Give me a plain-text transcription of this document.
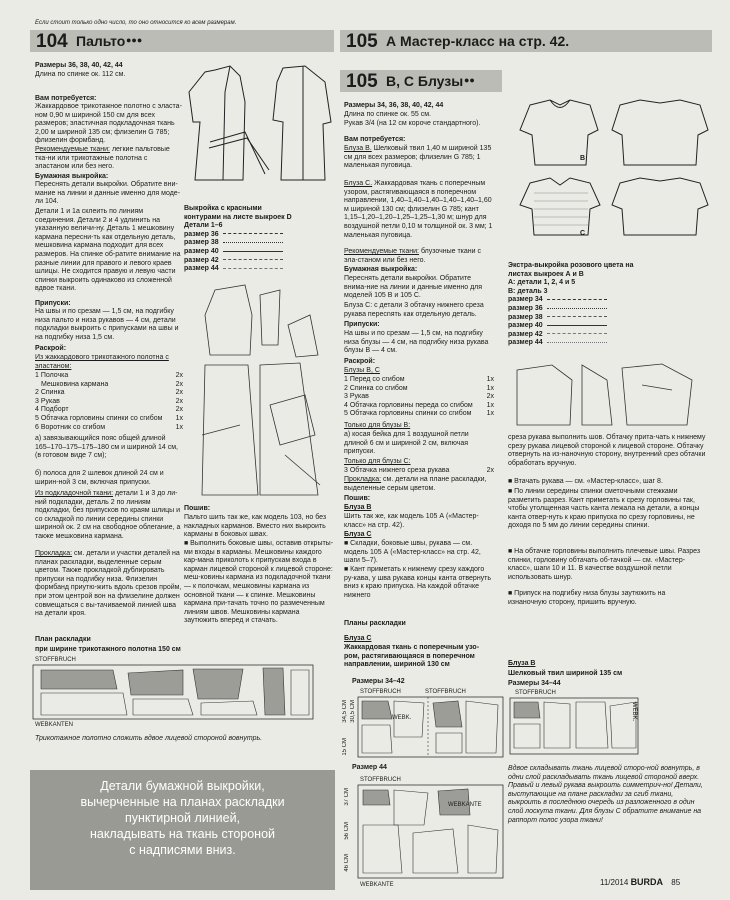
Если стоит только одно число, то оно относится ко всем размерам.
104 Пальто ●●●
Размеры 36, 38, 40, 42, 44
Длина по спинке ок. 112 см.
Вам потребуется:
Жаккардовое трикотажное полотно с эласта-ном 0,90 м шириной 150 см для всех размеров; эластичная подкладочная ткань 2,00 м шириной 135 см; флизелин G 785; флизелин формбанд.
Рекомендуемые ткани: легкие пальтовые тка-ни или трикотажные полотна с эластаном или без него.
Бумажная выкройка:
Переснять детали выкройки. Обратите вни-мание на линии и данные именно для моде-ли 104.
Детали 1 и 1а склеить по линиям соединения. Детали 2 и 4 удлинить на указанную величи-ну. Деталь 1 мешковину кармана пересни-ть как отдельную деталь, мешковина кармана подходит для всех размеров. На спинке об-ратите внимание на разные линии для правого и левого краев шлицы. Не сходится правую и левую части спинки выкроить одинаково из сложенной вдвое ткани.
Припуски:
На швы и по срезам — 1,5 см, на подгибку низа пальто и низа рукавов — 4 см, детали подкладки выкроить с припусками на швы и на подгибку низа 1,5 см.
Раскрой:
Из жаккардового трикотажного полотна с эластаном:
1 Полочка	2x
Мешковина кармана	2x
2 Спинка	2x
3 Рукав	2x
4 Подборт	2x
5 Обтачка горловины спинки со сгибом 1x
6 Воротник со сгибом	1x
а) завязывающийся пояс общей длиной 165–170–175–175–180 см и шириной 14 см, (в готовом виде 7 см);
б) полоса для 2 шлевок длиной 24 см и ширин-ной 3 см, включая припуски.
Из подкладочной ткани: детали 1 и 3 до ли-ний подкладки, деталь 2 по линиям подкладки, без припусков по краям шлицы и со складкой по линии середины спинки шириной ок. 2 см на свободное облегание, а также мешковина кармана.
Прокладка: см. детали и участки деталей на планах раскладки, выделенные серым цветом. Также прокладкой дублировать припуски на подгибку низа. Флизелин формбанд приутю-жить вдоль срезов пройм, при этом центрой вон на флизелине должен совмещаться с вы-тачиваемой линией шва на детали кроя.
Выкройка с красными контурами на листе выкроек D
Детали 1–6
размер 36
размер 38
размер 40
размер 42
размер 44
План раскладки
при ширине трикотажного полотна 150 см
STOFFBRUCH
WEBKANTEN
Трикотажное полотно сложить вдвое лицевой стороной вовнутрь.
Детали бумажной выкройки,
вычерченные на планах раскладки
пунктирной линией,
накладывать на ткань стороной
с надписями вниз.
Пошив:
Пальто шить так же, как модель 103, но без накладных карманов. Вместо них выкроить карманы в боковых швах.
■ Выполнить боковые швы, оставив открыты-ми входы в карманы. Мешковины каждого кар-мана приколоть к припускам входа в карман лицевой стороной к лицевой стороне: меш-ковины кармана из подкладочной ткани — к полочкам, мешковины кармана из основной ткани — к спинке. Мешковины кармана при-тачать точно по размеченным линиям швов. Мешковины кармана заутюжить вперед и стачать.
105 А Мастер-класс на стр. 42.
105 В, С Блузы ●●
В
С
Размеры 34, 36, 38, 40, 42, 44
Длина по спинке ок. 55 см.
Рукав 3/4 (на 12 см короче стандартного).
Вам потребуется:
Блуза В. Шелковый твил 1,40 м шириной 135 см для всех размеров; флизелин G 785; 1 маленькая пуговица.
Блуза С. Жаккардовая ткань с поперечным узором, растягивающаяся в поперечном направлении, 1,40–1,40–1,40–1,40–1,40–1,60 м шириной 130 см; флизелин G 785; кант 1,15–1,20–1,20–1,25–1,25–1,30 м; шнур для воздушной петли 0,10 м толщиной ок. 3 мм; 1 маленькая пуговица.
Рекомендуемые ткани: блузочные ткани с эла-станом или без него.
Бумажная выкройка:
Переснять детали выкройки. Обратите внима-ние на линии и данные именно для моделей 105 В и 105 С.
Блуза С: с детали 3 обтачку нижнего среза рукава пересnять как отдельную деталь.
Припуски:
На швы и по срезам — 1,5 см, на подгибку низа блузы — 4 см, на подгибку низа рукава блузы В — 4 см.
Раскрой:
Блузы В, С
1 Перед со сгибом	1x
2 Спинка со сгибом	1x
3 Рукав	2x
4 Обтачка горловины переда со сгибом 1x
5 Обтачка горловины спинки со сгибом 1x
Только для блузы В:
а) косая бейка для 1 воздушной петли длиной 6 см и шириной 2 см, включая припуски.
Только для блузы С:
3 Обтачка нижнего среза рукава	2x
Прокладка: см. детали на плане раскладки, выделенные серым цветом.
Пошив:
Блуза В
Шить так же, как модель 105 А («Мастер-класс» на стр. 42).
Блуза С
■ Складки, боковые швы, рукава — см. модель 105 А («Мастер-класс» на стр. 42, шаги 5–7).
■ Кант приметать к нижнему срезу каждого ру-кава, у шва рукава концы канта отвернуть вниз к краю припуска. На каждой обтачке нижнего
Экстра-выкройка розового цвета на листах выкроек А и В
А: детали 1, 2, 4 и 5
В: деталь 3
размер 34
размер 36
размер 38
размер 40
размер 42
размер 44
среза рукава выполнить шов. Обтачку прита-чать к нижнему срезу рукава лицевой стороной к лицевой стороне. Обтачку отвернуть на из-наночную сторону, внутренний срез обтачки обработать вручную.
■ Втачать рукава — см. «Мастер-класс», шаг 8.
■ По линии середины спинки сметочными стежками разметить разрез. Кант приметать к срезу горловины так, чтобы утолщенная часть канта лежала на детали, а концы канта отвер-нуть к краю припуска по срезу горловины, не доходя по 5 мм до линии середины спинки.
■ На обтачке горловины выполнить плечевые швы. Разрез спинки, горловину обтачать об-тачкой — см. «Мастер-класс», шаги 10 и 11. В качестве воздушной петли использовать шнур.
■ Припуск на подгибку низа блузы заутюжить на изнаночную сторону, пришить вручную.
Планы раскладки
Блуза С
Жаккардовая ткань с поперечным узо-ром, растягивающаяся в поперечном направлении, шириной 130 см
Размеры 34–42
STOFFBRUCH	STOFFBRUCH
WEBK.
34,5 CM 30,5 CM
15 CM
Размер 44
STOFFBRUCH
WEBKANTE
WEBKANTE
37 CM
56 CM
46 CM
Блуза В
Шелковый твил шириной 135 см
Размеры 34–44
STOFFBRUCH
WEBK.
Вдвое складывать ткань лицевой сторо-ной вовнутрь, в одни слой раскладывать ткань лицевой стороной вверх. Правый и левый рукава выкроить симметрич-но! Детали, выступающие на плане раскладки за сгиб ткани, выкроить в последнюю очередь из разложенного в один слой лоскута ткани. Для блузы С обратите внимание на раппорт полос узора ткани!
11/2014 BURDA 85
